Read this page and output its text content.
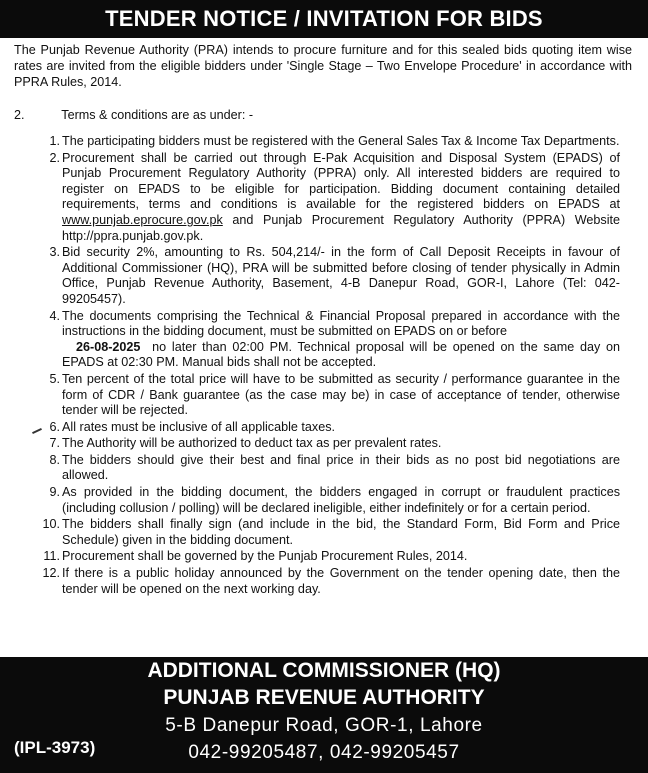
TENDER NOTICE / INVITATION FOR BIDS
The Punjab Revenue Authority (PRA) intends to procure furniture and for this sealed bids quoting item wise rates are invited from the eligible bidders under 'Single Stage – Two Envelope Procedure' in accordance with PPRA Rules, 2014.
2.	Terms & conditions are as under: -
1. The participating bidders must be registered with the General Sales Tax & Income Tax Departments.
2. Procurement shall be carried out through E-Pak Acquisition and Disposal System (EPADS) of Punjab Procurement Regulatory Authority (PPRA) only. All interested bidders are required to register on EPADS to be eligible for participation. Bidding document containing detailed requirements, terms and conditions is available for the registered bidders on EPADS at www.punjab.eprocure.gov.pk and Punjab Procurement Regulatory Authority (PPRA) Website http://ppra.punjab.gov.pk.
3. Bid security 2%, amounting to Rs. 504,214/- in the form of Call Deposit Receipts in favour of Additional Commissioner (HQ), PRA will be submitted before closing of tender physically in Admin Office, Punjab Revenue Authority, Basement, 4-B Danepur Road, GOR-I, Lahore (Tel: 042-99205457).
4. The documents comprising the Technical & Financial Proposal prepared in accordance with the instructions in the bidding document, must be submitted on EPADS on or before
26-08-2025 no later than 02:00 PM. Technical proposal will be opened on the same day on EPADS at 02:30 PM. Manual bids shall not be accepted.
5. Ten percent of the total price will have to be submitted as security / performance guarantee in the form of CDR / Bank guarantee (as the case may be) in case of acceptance of tender, otherwise tender will be rejected.
6. All rates must be inclusive of all applicable taxes.
7. The Authority will be authorized to deduct tax as per prevalent rates.
8. The bidders should give their best and final price in their bids as no post bid negotiations are allowed.
9. As provided in the bidding document, the bidders engaged in corrupt or fraudulent practices (including collusion / polling) will be declared ineligible, either indefinitely or for a certain period.
10. The bidders shall finally sign (and include in the bid, the Standard Form, Bid Form and Price Schedule) given in the bidding document.
11. Procurement shall be governed by the Punjab Procurement Rules, 2014.
12. If there is a public holiday announced by the Government on the tender opening date, then the tender will be opened on the next working day.
ADDITIONAL COMMISSIONER (HQ)
PUNJAB REVENUE AUTHORITY
5-B Danepur Road, GOR-1, Lahore
042-99205487, 042-99205457
(IPL-3973)
